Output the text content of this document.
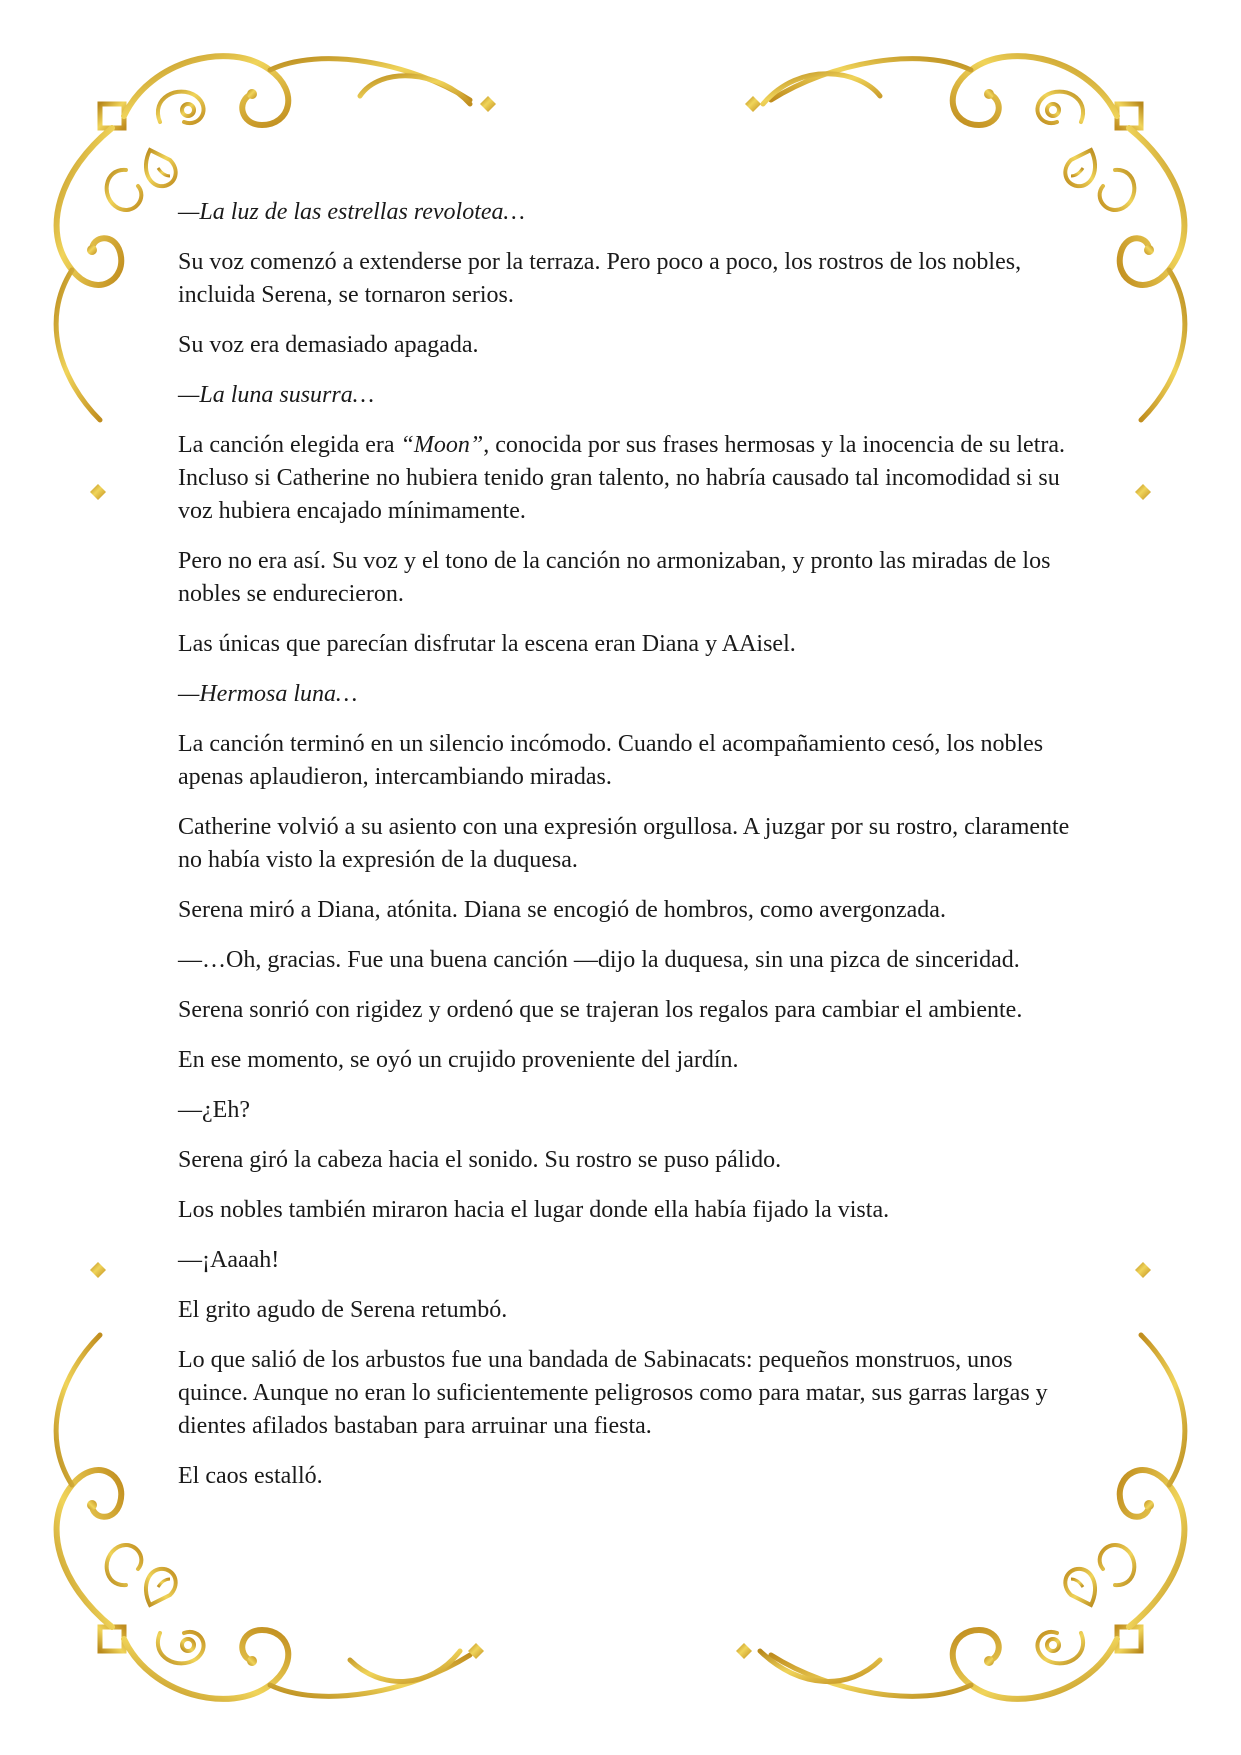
—La luz de las estrellas revolotea…

Su voz comenzó a extenderse por la terraza. Pero poco a poco, los rostros de los nobles, incluida Serena, se tornaron serios.

Su voz era demasiado apagada.

—La luna susurra…

La canción elegida era “Moon”, conocida por sus frases hermosas y la inocencia de su letra. Incluso si Catherine no hubiera tenido gran talento, no habría causado tal incomodidad si su voz hubiera encajado mínimamente.

Pero no era así. Su voz y el tono de la canción no armonizaban, y pronto las miradas de los nobles se endurecieron.

Las únicas que parecían disfrutar la escena eran Diana y AAisel.

—Hermosa luna…

La canción terminó en un silencio incómodo. Cuando el acompañamiento cesó, los nobles apenas aplaudieron, intercambiando miradas.

Catherine volvió a su asiento con una expresión orgullosa. A juzgar por su rostro, claramente no había visto la expresión de la duquesa.

Serena miró a Diana, atónita. Diana se encogió de hombros, como avergonzada.

—…Oh, gracias. Fue una buena canción —dijo la duquesa, sin una pizca de sinceridad.

Serena sonrió con rigidez y ordenó que se trajeran los regalos para cambiar el ambiente.

En ese momento, se oyó un crujido proveniente del jardín.

—¿Eh?

Serena giró la cabeza hacia el sonido. Su rostro se puso pálido.

Los nobles también miraron hacia el lugar donde ella había fijado la vista.

—¡Aaaah!

El grito agudo de Serena retumbó.

Lo que salió de los arbustos fue una bandada de Sabinacats: pequeños monstruos, unos quince. Aunque no eran lo suficientemente peligrosos como para matar, sus garras largas y dientes afilados bastaban para arruinar una fiesta.

El caos estalló.
